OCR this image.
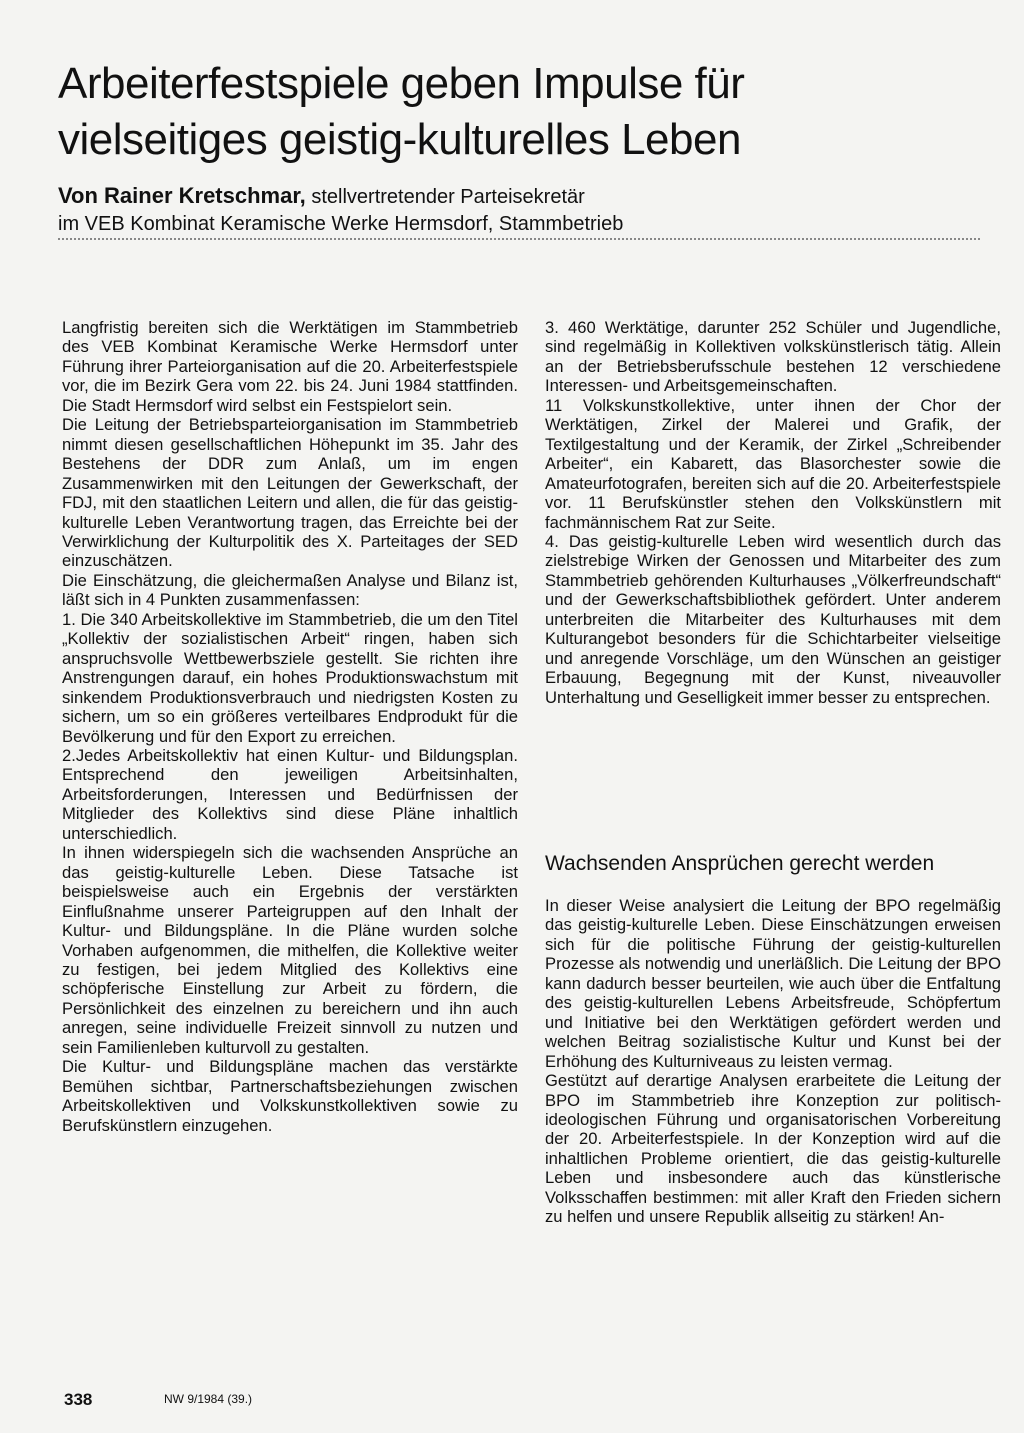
Arbeiterfestspiele geben Impulse für
vielseitiges geistig-kulturelles Leben
Von Rainer Kretschmar, stellvertretender Parteisekretär
im VEB Kombinat Keramische Werke Hermsdorf, Stammbetrieb

Langfristig bereiten sich die Werktätigen im Stammbetrieb des VEB Kombinat Keramische Werke Hermsdorf unter Führung ihrer Parteiorganisation auf die 20. Arbeiterfestspiele vor, die im Bezirk Gera vom 22. bis 24. Juni 1984 stattfinden. Die Stadt Hermsdorf wird selbst ein Festspielort sein.

Die Leitung der Betriebsparteiorganisation im Stammbetrieb nimmt diesen gesellschaftlichen Höhepunkt im 35. Jahr des Bestehens der DDR zum Anlaß, um im engen Zusammenwirken mit den Leitungen der Gewerkschaft, der FDJ, mit den staatlichen Leitern und allen, die für das geistig-kulturelle Leben Verantwortung tragen, das Erreichte bei der Verwirklichung der Kulturpolitik des X. Parteitages der SED einzuschätzen.

Die Einschätzung, die gleichermaßen Analyse und Bilanz ist, läßt sich in 4 Punkten zusammenfassen:

1. Die 340 Arbeitskollektive im Stammbetrieb, die um den Titel „Kollektiv der sozialistischen Arbeit“ ringen, haben sich anspruchsvolle Wettbewerbsziele gestellt. Sie richten ihre Anstrengungen darauf, ein hohes Produktionswachstum mit sinkendem Produktionsverbrauch und niedrigsten Kosten zu sichern, um so ein größeres verteilbares Endprodukt für die Bevölkerung und für den Export zu erreichen.

2.Jedes Arbeitskollektiv hat einen Kultur- und Bildungsplan. Entsprechend den jeweiligen Arbeitsinhalten, Arbeitsforderungen, Interessen und Bedürfnissen der Mitglieder des Kollektivs sind diese Pläne inhaltlich unterschiedlich.

In ihnen widerspiegeln sich die wachsenden Ansprüche an das geistig-kulturelle Leben. Diese Tatsache ist beispielsweise auch ein Ergebnis der verstärkten Einflußnahme unserer Parteigruppen auf den Inhalt der Kultur- und Bildungspläne. In die Pläne wurden solche Vorhaben aufgenommen, die mithelfen, die Kollektive weiter zu festigen, bei jedem Mitglied des Kollektivs eine schöpferische Einstellung zur Arbeit zu fördern, die Persönlichkeit des einzelnen zu bereichern und ihn auch anregen, seine individuelle Freizeit sinnvoll zu nutzen und sein Familienleben kulturvoll zu gestalten.

Die Kultur- und Bildungspläne machen das verstärkte Bemühen sichtbar, Partnerschaftsbeziehungen zwischen Arbeitskollektiven und Volkskunstkollektiven sowie zu Berufskünstlern einzugehen.

3. 460 Werktätige, darunter 252 Schüler und Jugendliche, sind regelmäßig in Kollektiven volkskünstlerisch tätig. Allein an der Betriebsberufsschule bestehen 12 verschiedene Interessen- und Arbeitsgemeinschaften.

11 Volkskunstkollektive, unter ihnen der Chor der Werktätigen, Zirkel der Malerei und Grafik, der Textilgestaltung und der Keramik, der Zirkel „Schreibender Arbeiter“, ein Kabarett, das Blasorchester sowie die Amateurfotografen, bereiten sich auf die 20. Arbeiterfestspiele vor. 11 Berufskünstler stehen den Volkskünstlern mit fachmännischem Rat zur Seite.

4. Das geistig-kulturelle Leben wird wesentlich durch das zielstrebige Wirken der Genossen und Mitarbeiter des zum Stammbetrieb gehörenden Kulturhauses „Völkerfreundschaft“ und der Gewerkschaftsbibliothek gefördert. Unter anderem unterbreiten die Mitarbeiter des Kulturhauses mit dem Kulturangebot besonders für die Schichtarbeiter vielseitige und anregende Vorschläge, um den Wünschen an geistiger Erbauung, Begegnung mit der Kunst, niveauvoller Unterhaltung und Geselligkeit immer besser zu entsprechen.

Wachsenden Ansprüchen gerecht werden

In dieser Weise analysiert die Leitung der BPO regelmäßig das geistig-kulturelle Leben. Diese Einschätzungen erweisen sich für die politische Führung der geistig-kulturellen Prozesse als notwendig und unerläßlich. Die Leitung der BPO kann dadurch besser beurteilen, wie auch über die Entfaltung des geistig-kulturellen Lebens Arbeitsfreude, Schöpfertum und Initiative bei den Werktätigen gefördert werden und welchen Beitrag sozialistische Kultur und Kunst bei der Erhöhung des Kulturniveaus zu leisten vermag.

Gestützt auf derartige Analysen erarbeitete die Leitung der BPO im Stammbetrieb ihre Konzeption zur politisch-ideologischen Führung und organisatorischen Vorbereitung der 20. Arbeiterfestspiele. In der Konzeption wird auf die inhaltlichen Probleme orientiert, die das geistig-kulturelle Leben und insbesondere auch das künstlerische Volksschaffen bestimmen: mit aller Kraft den Frieden sichern zu helfen und unsere Republik allseitig zu stärken! An-

338	NW 9/1984 (39.)
